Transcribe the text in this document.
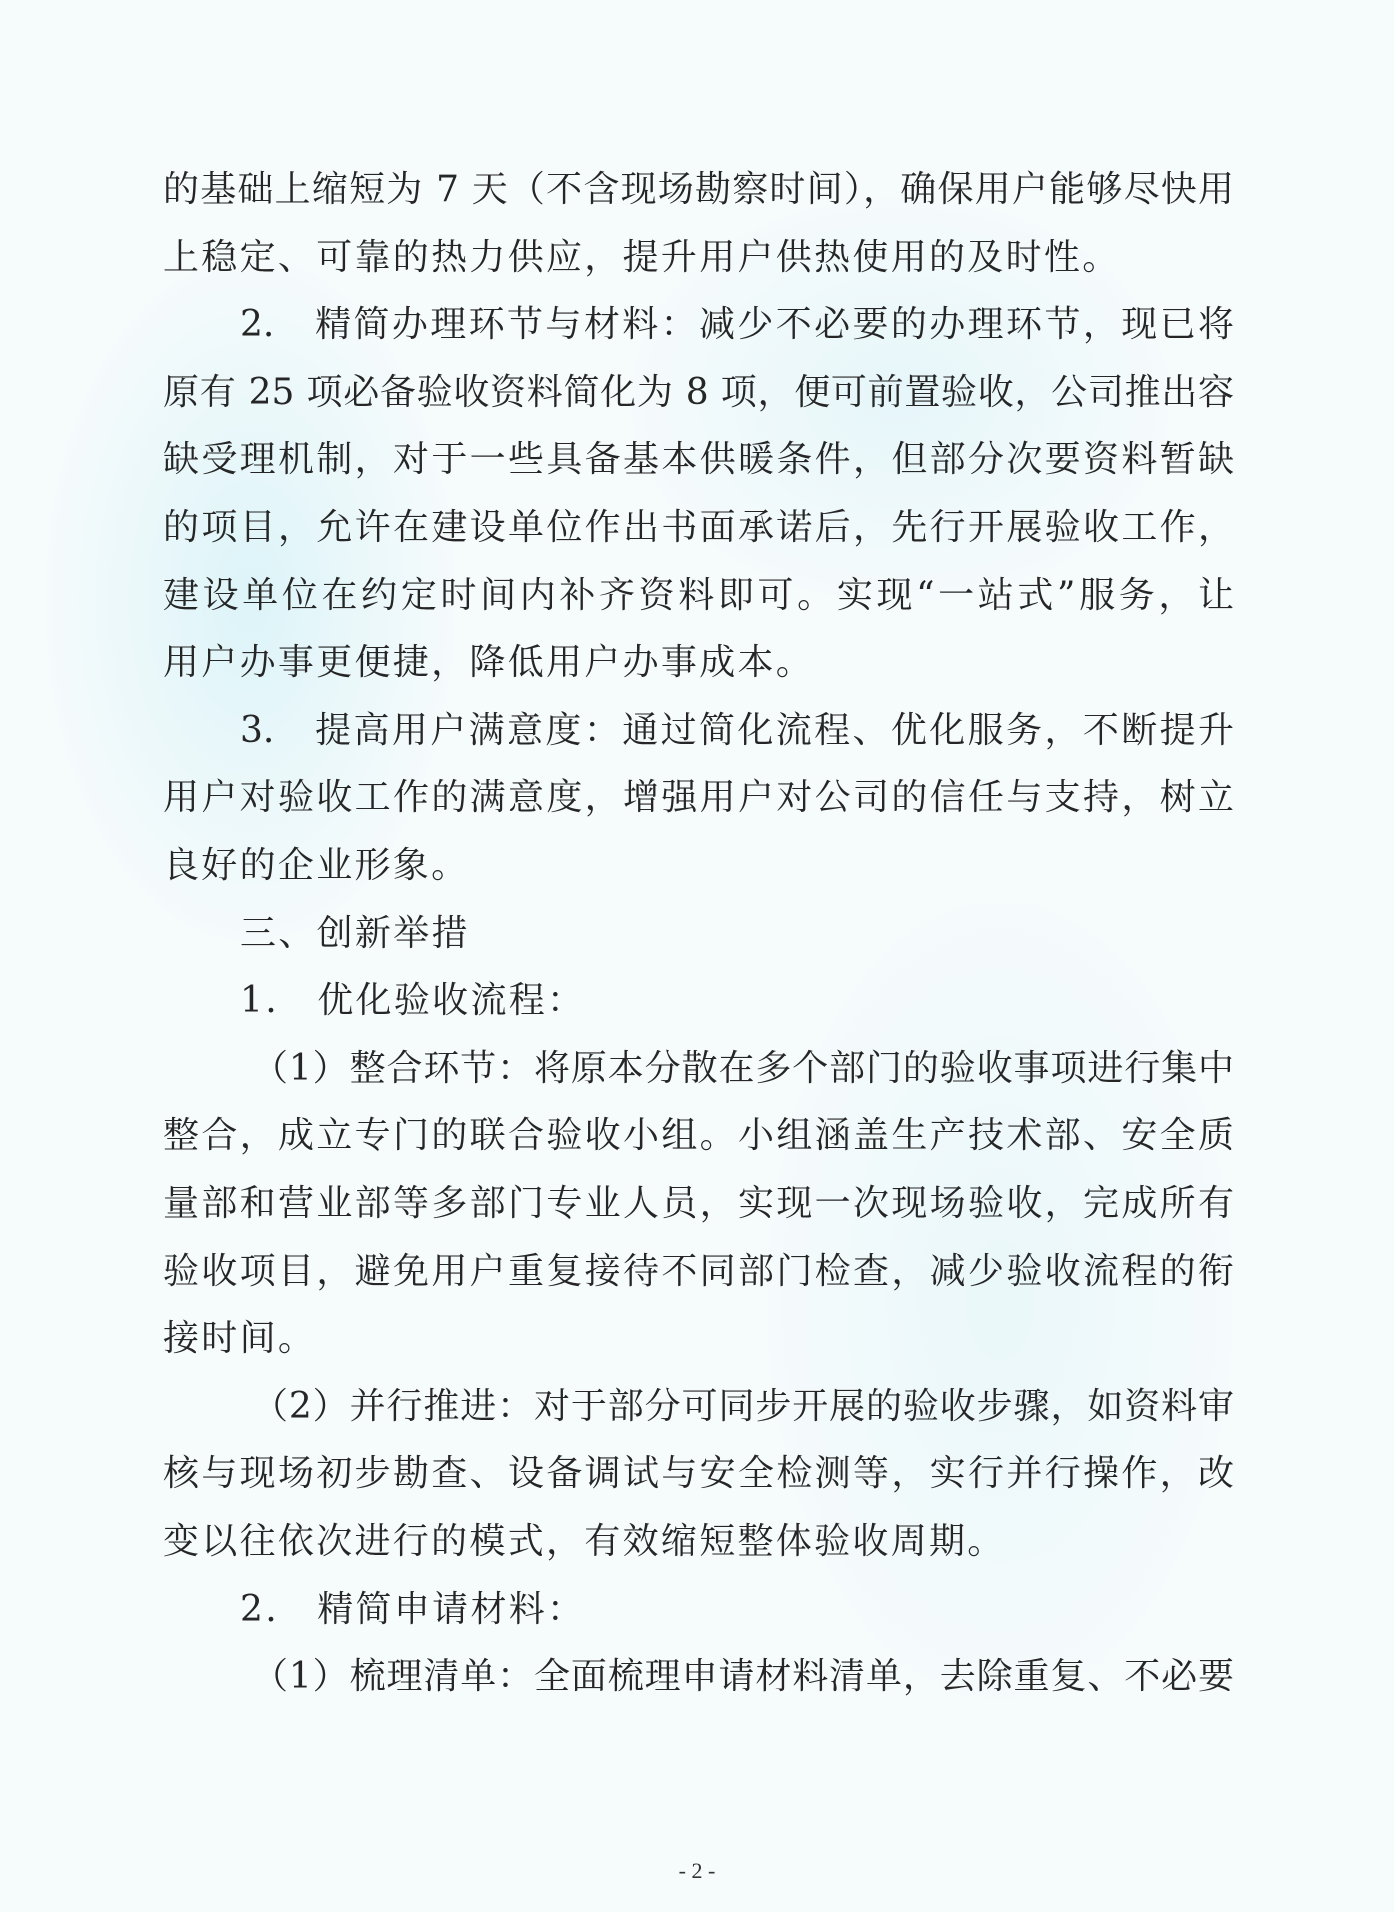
的基础上缩短为 7 天（不含现场勘察时间），确保用户能够尽快用
上稳定、可靠的热力供应，提升用户供热使用的及时性。
2.　精简办理环节与材料：减少不必要的办理环节，现已将
原有 25 项必备验收资料简化为 8 项，便可前置验收，公司推出容
缺受理机制，对于一些具备基本供暖条件，但部分次要资料暂缺
的项目，允许在建设单位作出书面承诺后，先行开展验收工作，
建设单位在约定时间内补齐资料即可。实现“一站式”服务，让
用户办事更便捷，降低用户办事成本。
3.　提高用户满意度：通过简化流程、优化服务，不断提升
用户对验收工作的满意度，增强用户对公司的信任与支持，树立
良好的企业形象。
三、创新举措
1.　优化验收流程：
（1）整合环节：将原本分散在多个部门的验收事项进行集中
整合，成立专门的联合验收小组。小组涵盖生产技术部、安全质
量部和营业部等多部门专业人员，实现一次现场验收，完成所有
验收项目，避免用户重复接待不同部门检查，减少验收流程的衔
接时间。
（2）并行推进：对于部分可同步开展的验收步骤，如资料审
核与现场初步勘查、设备调试与安全检测等，实行并行操作，改
变以往依次进行的模式，有效缩短整体验收周期。
2.　精简申请材料：
（1）梳理清单：全面梳理申请材料清单，去除重复、不必要
- 2 -
